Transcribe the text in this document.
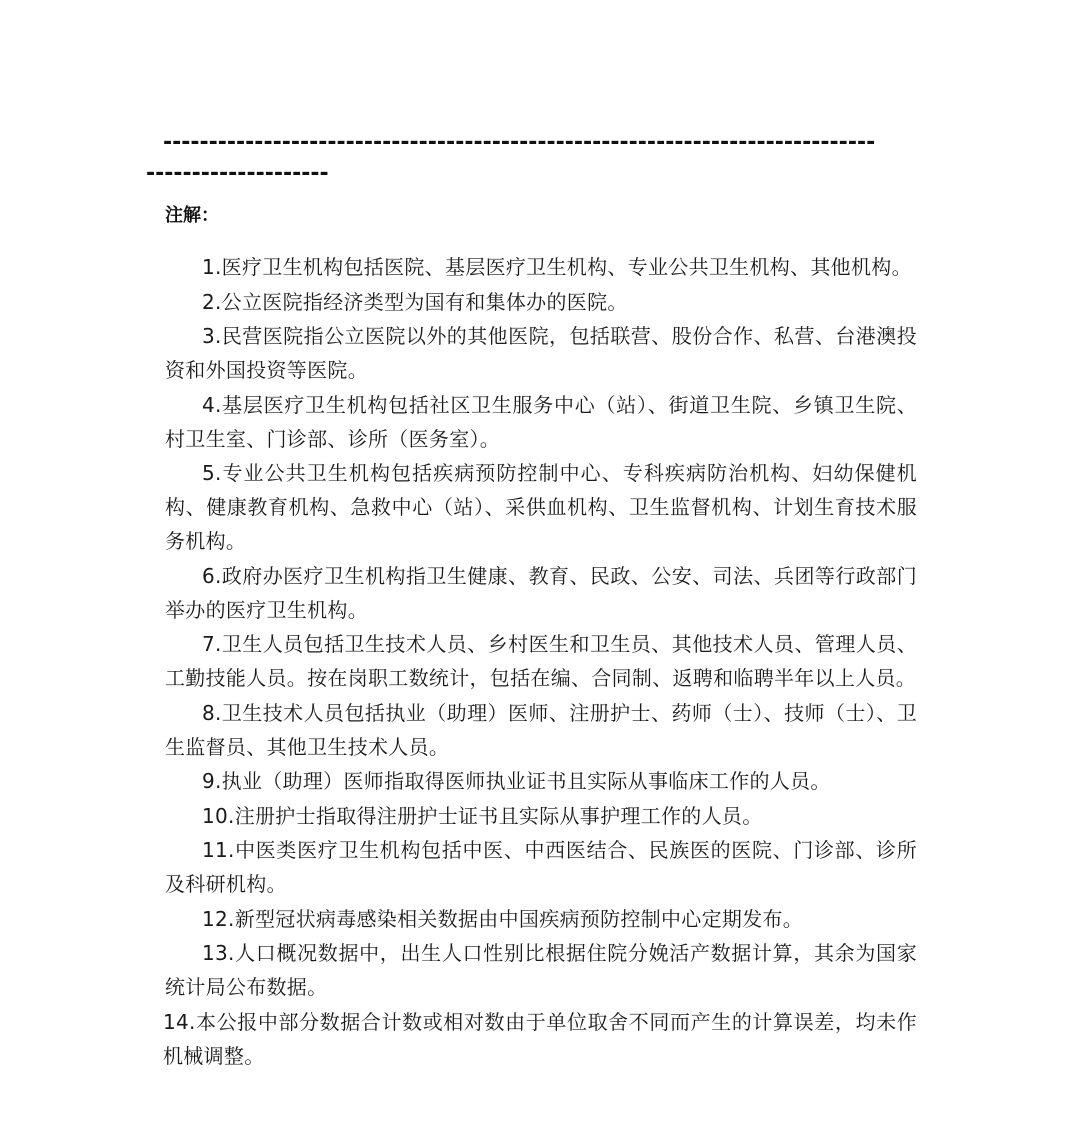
------------------------------------------------------------------------------
--------------------
注解：

1.医疗卫生机构包括医院、基层医疗卫生机构、专业公共卫生机构、其他机构。

2.公立医院指经济类型为国有和集体办的医院。

3.民营医院指公立医院以外的其他医院，包括联营、股份合作、私营、台港澳投资和外国投资等医院。

4.基层医疗卫生机构包括社区卫生服务中心（站）、街道卫生院、乡镇卫生院、村卫生室、门诊部、诊所（医务室）。

5.专业公共卫生机构包括疾病预防控制中心、专科疾病防治机构、妇幼保健机构、健康教育机构、急救中心（站）、采供血机构、卫生监督机构、计划生育技术服务机构。

6.政府办医疗卫生机构指卫生健康、教育、民政、公安、司法、兵团等行政部门举办的医疗卫生机构。

7.卫生人员包括卫生技术人员、乡村医生和卫生员、其他技术人员、管理人员、工勤技能人员。按在岗职工数统计，包括在编、合同制、返聘和临聘半年以上人员。

8.卫生技术人员包括执业（助理）医师、注册护士、药师（士）、技师（士）、卫生监督员、其他卫生技术人员。

9.执业（助理）医师指取得医师执业证书且实际从事临床工作的人员。

10.注册护士指取得注册护士证书且实际从事护理工作的人员。

11.中医类医疗卫生机构包括中医、中西医结合、民族医的医院、门诊部、诊所及科研机构。

12.新型冠状病毒感染相关数据由中国疾病预防控制中心定期发布。

13.人口概况数据中，出生人口性别比根据住院分娩活产数据计算，其余为国家统计局公布数据。

14.本公报中部分数据合计数或相对数由于单位取舍不同而产生的计算误差，均未作机械调整。
